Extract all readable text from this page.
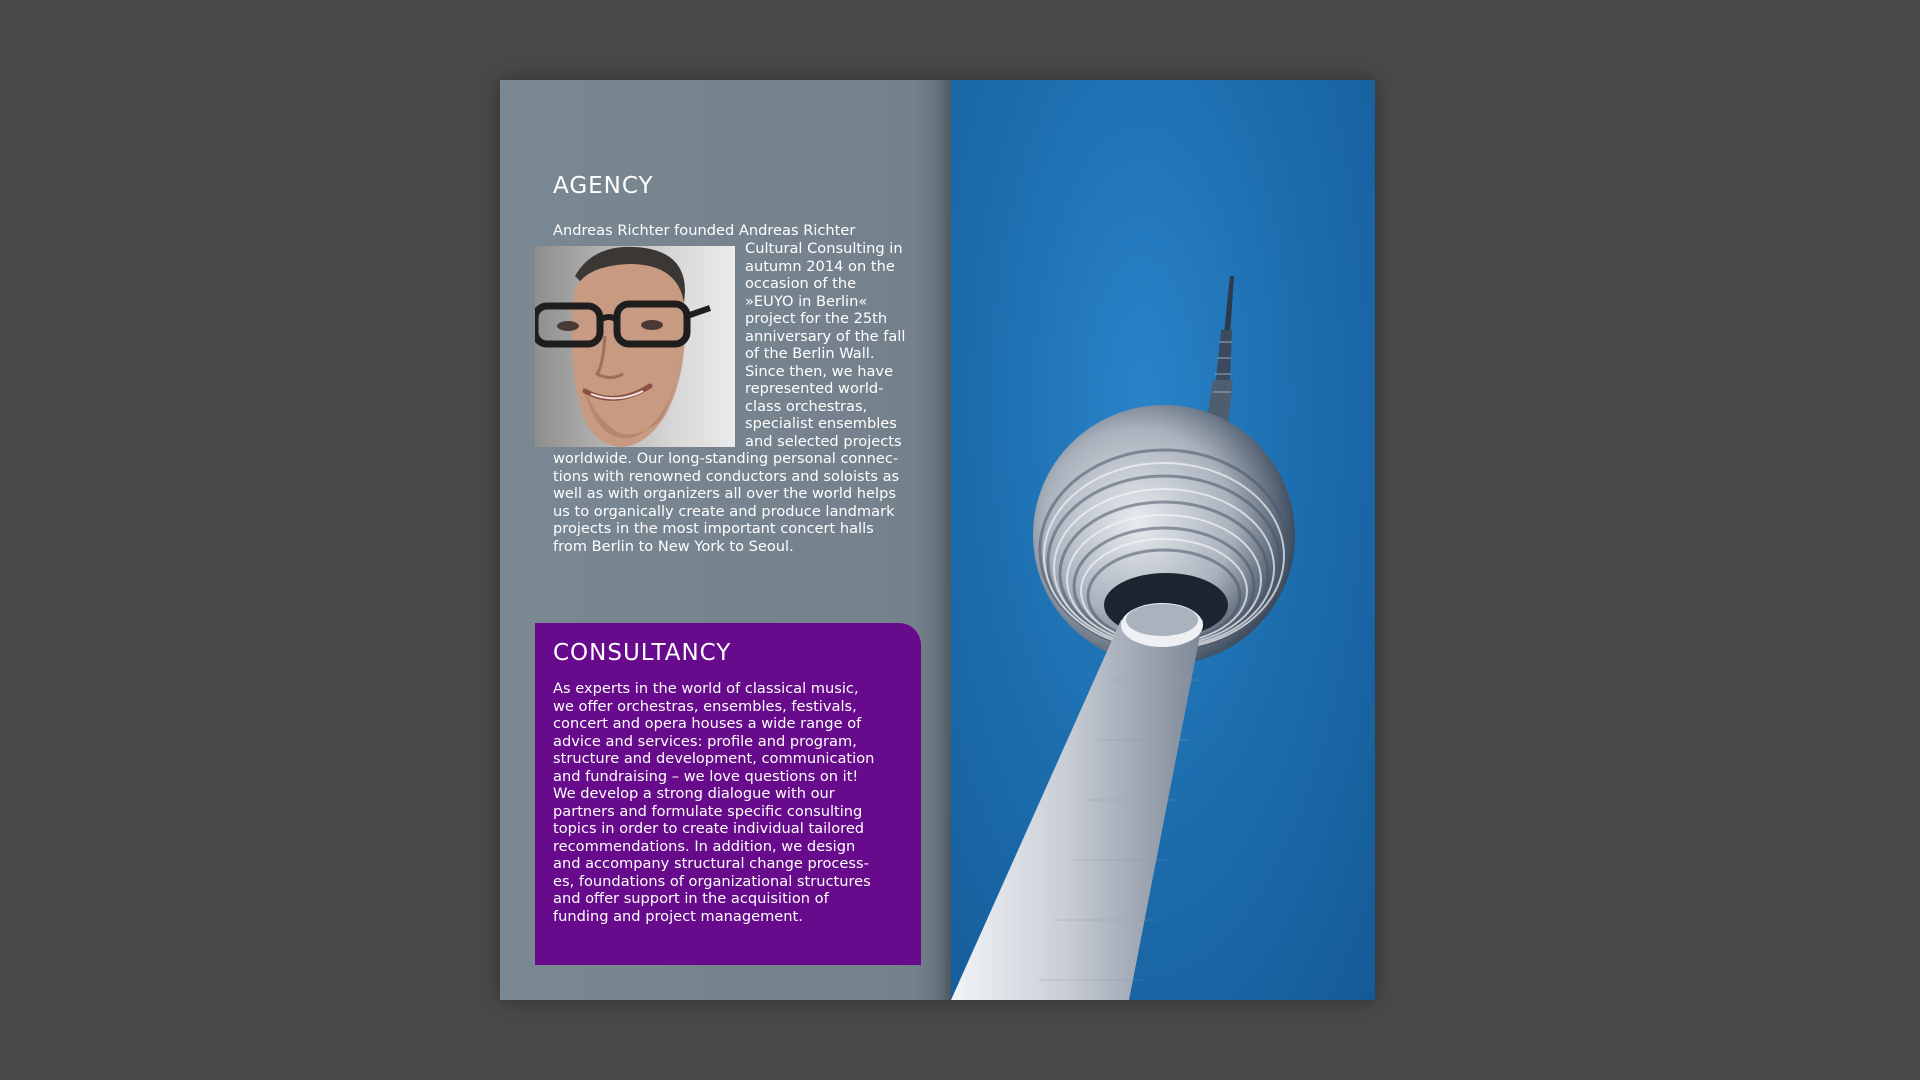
AGENCY
Andreas Richter founded Andreas Richter
Cultural Consulting in
autumn 2014 on the
occasion of the
»EUYO in Berlin«
project for the 25th
anniversary of the fall
of the Berlin Wall.
Since then, we have
represented world-
class orchestras,
specialist ensembles
and selected projects
worldwide. Our long-standing personal connec-
tions with renowned conductors and soloists as
well as with organizers all over the world helps
us to organically create and produce landmark
projects in the most important concert halls
from Berlin to New York to Seoul.
CONSULTANCY
As experts in the world of classical music,
we offer orchestras, ensembles, festivals,
concert and opera houses a wide range of
advice and services: profile and program,
structure and development, communication
and fundraising – we love questions on it!
We develop a strong dialogue with our
partners and formulate specific consulting
topics in order to create individual tailored
recommendations. In addition, we design
and accompany structural change process-
es, foundations of organizational structures
and offer support in the acquisition of
funding and project management.
